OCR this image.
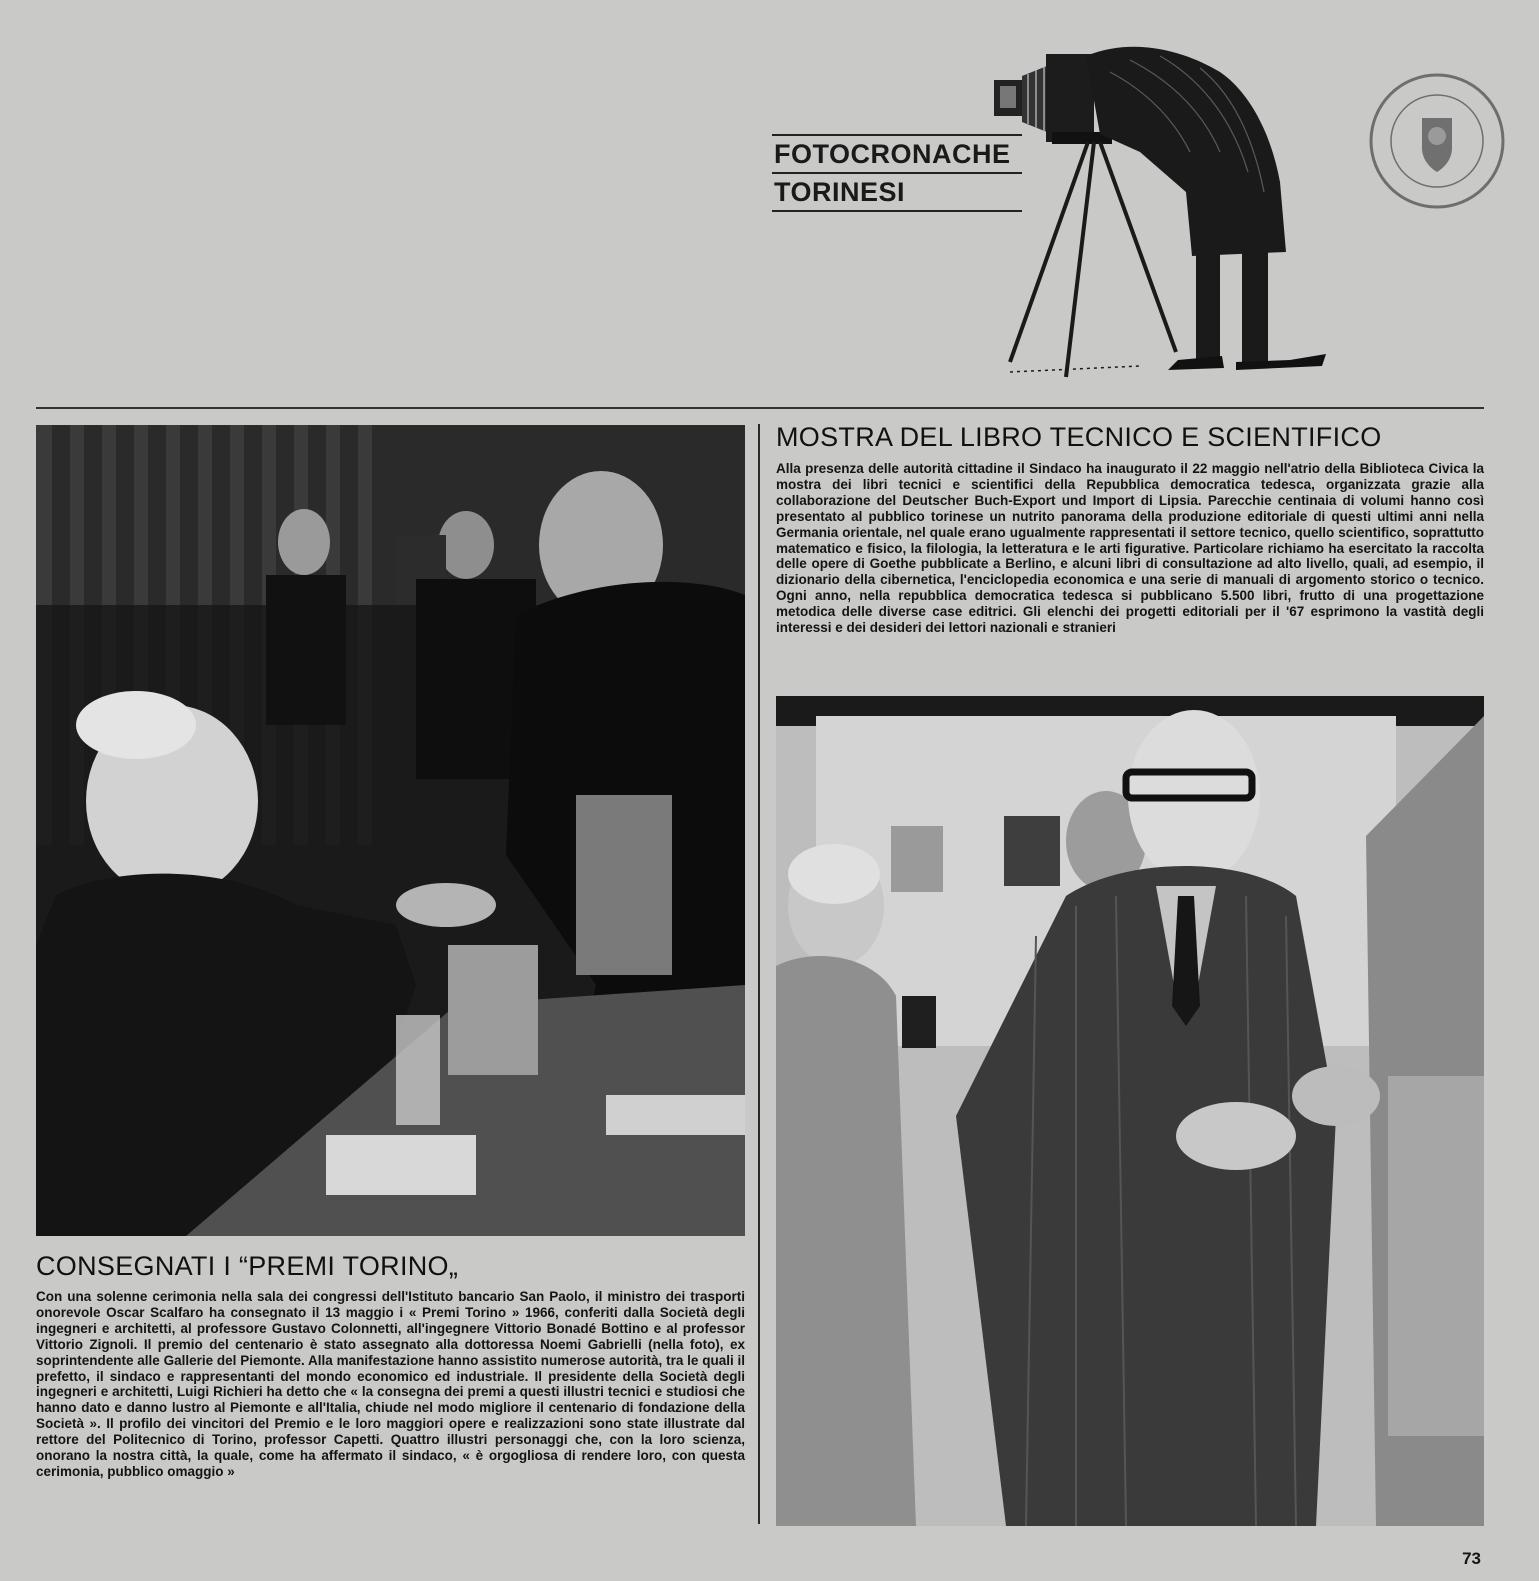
FOTOCRONACHE
TORINESI
MOSTRA DEL LIBRO TECNICO E SCIENTIFICO

Alla presenza delle autorità cittadine il Sindaco ha inaugurato il 22 maggio nell'atrio della Biblioteca Civica la mostra dei libri tecnici e scientifici della Repubblica democratica tedesca, organizzata grazie alla collaborazione del Deutscher Buch-Export und Import di Lipsia. Parecchie centinaia di volumi hanno così presentato al pubblico torinese un nutrito panorama della produzione editoriale di questi ultimi anni nella Germania orientale, nel quale erano ugualmente rappresentati il settore tecnico, quello scientifico, soprattutto matematico e fisico, la filologia, la letteratura e le arti figurative. Particolare richiamo ha esercitato la raccolta delle opere di Goethe pubblicate a Berlino, e alcuni libri di consultazione ad alto livello, quali, ad esempio, il dizionario della cibernetica, l'enciclopedia economica e una serie di manuali di argomento storico o tecnico. Ogni anno, nella repubblica democratica tedesca si pubblicano 5.500 libri, frutto di una progettazione metodica delle diverse case editrici. Gli elenchi dei progetti editoriali per il '67 esprimono la vastità degli interessi e dei desideri dei lettori nazionali e stranieri

CONSEGNATI I “PREMI TORINO„

Con una solenne cerimonia nella sala dei congressi dell'Istituto bancario San Paolo, il ministro dei trasporti onorevole Oscar Scalfaro ha consegnato il 13 maggio i « Premi Torino » 1966, conferiti dalla Società degli ingegneri e architetti, al professore Gustavo Colonnetti, all'ingegnere Vittorio Bonadé Bottino e al professor Vittorio Zignoli. Il premio del centenario è stato assegnato alla dottoressa Noemi Gabrielli (nella foto), ex soprintendente alle Gallerie del Piemonte. Alla manifestazione hanno assistito numerose autorità, tra le quali il prefetto, il sindaco e rappresentanti del mondo economico ed industriale. Il presidente della Società degli ingegneri e architetti, Luigi Richieri ha detto che « la consegna dei premi a questi illustri tecnici e studiosi che hanno dato e danno lustro al Piemonte e all'Italia, chiude nel modo migliore il centenario di fondazione della Società ». Il profilo dei vincitori del Premio e le loro maggiori opere e realizzazioni sono state illustrate dal rettore del Politecnico di Torino, professor Capetti. Quattro illustri personaggi che, con la loro scienza, onorano la nostra città, la quale, come ha affermato il sindaco, « è orgogliosa di rendere loro, con questa cerimonia, pubblico omaggio »

73
